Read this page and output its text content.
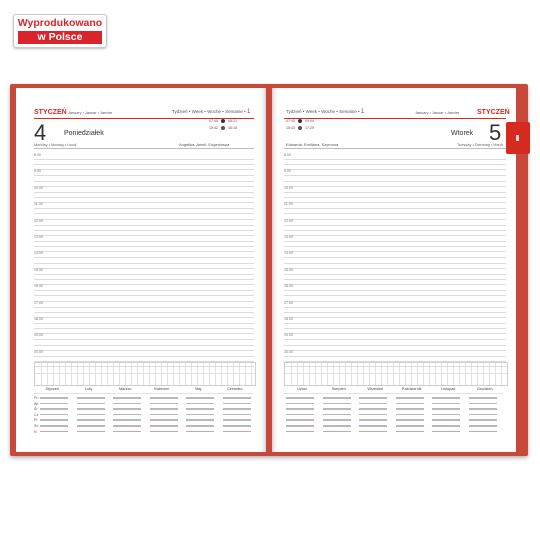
Wyprodukowano
w Polsce
STYCZEŃ January • Januar • Janvier	Tydzień • Week • Woche • Semaine • 1
4	Poniedziałek
07:45	08:21
15:42	16:18
Monday • Montag • Lundi	Angelika, Anieli, Eugeniusza
8.00
9.00
10.00
11.00
12.00
13.00
14.00
15.00
16.00
17.00
18.00
19.00
20.00
Styczeń	Luty	Marzec	Kwiecień	Maj	Czerwiec
Pn
Wt
Śr
Cz
Pt
So
N
Tydzień • Week • Woche • Semaine • 1	January • Januar • Janvier	STYCZEŃ
07:45	09:04
15:43	17:29
Wtorek 5
Edwarda, Emiliana, Szymona	Tuesday • Dienstag • Mardi
8.00
9.00
10.00
11.00
12.00
13.00
14.00
15.00
16.00
17.00
18.00
19.00
20.00
Lipiec	Sierpień	Wrzesień	Październik	Listopad	Grudzień
